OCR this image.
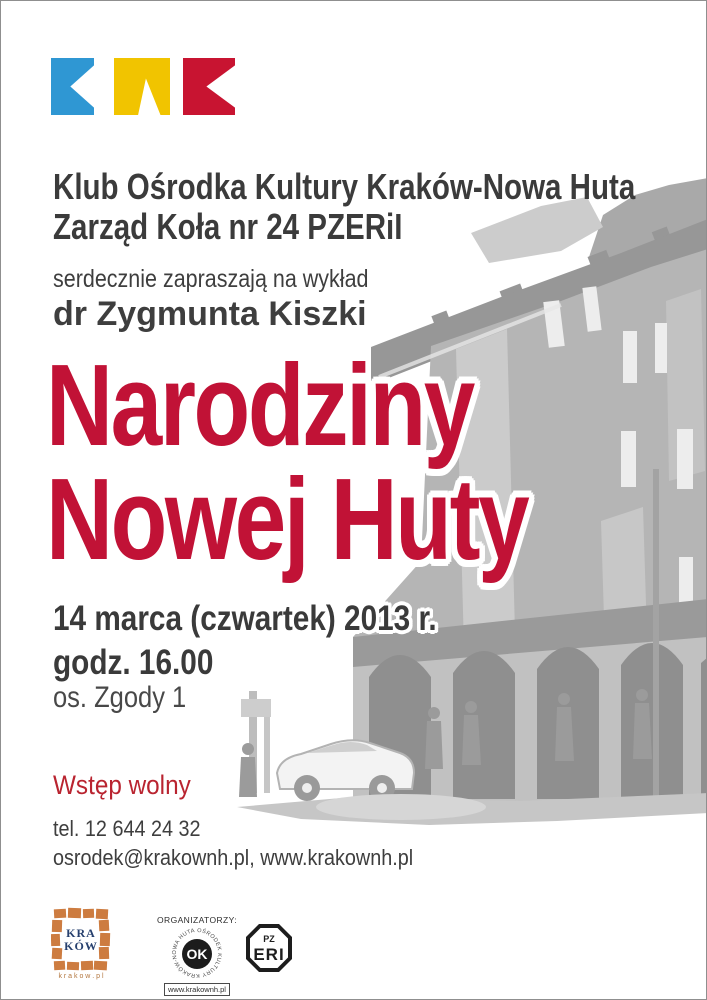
Klub Ośrodka Kultury Kraków-Nowa Huta
Zarząd Koła nr 24 PZERiI
serdecznie zapraszają na wykład
dr Zygmunta Kiszki
Narodziny
Nowej Huty
14 marca (czwartek) 2013 r.
godz. 16.00
os. Zgody 1
Wstęp wolny
tel. 12 644 24 32
osrodek@krakownh.pl, www.krakownh.pl
KRA
KÓW
k r a k o w . p l
ORGANIZATORZY:
OŚRODEK KULTURY KRAKÓW-NOWA HUTA
OK
www.krakownh.pl
PZ
ERI
